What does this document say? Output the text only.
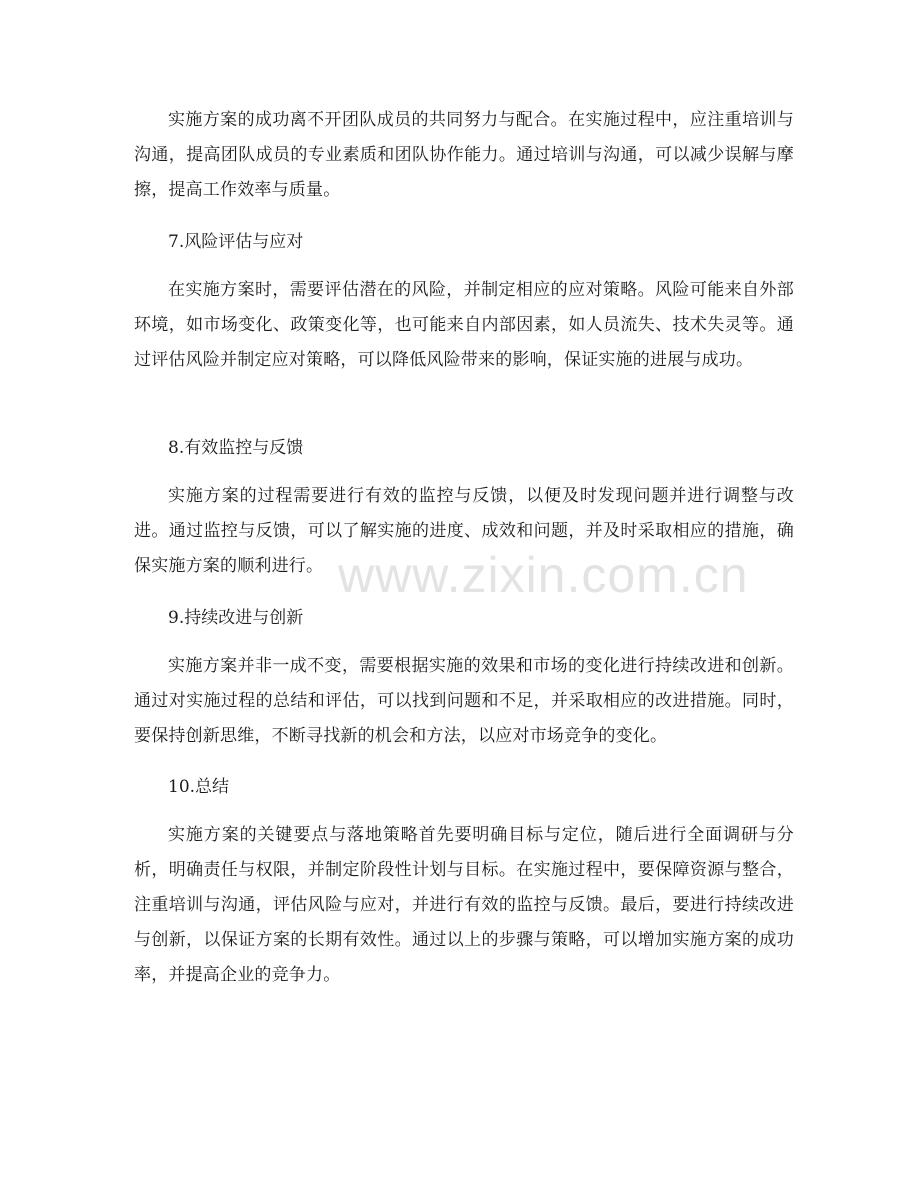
实施方案的成功离不开团队成员的共同努力与配合。在实施过程中，应注重培训与沟通，提高团队成员的专业素质和团队协作能力。通过培训与沟通，可以减少误解与摩擦，提高工作效率与质量。

7.风险评估与应对

在实施方案时，需要评估潜在的风险，并制定相应的应对策略。风险可能来自外部环境，如市场变化、政策变化等，也可能来自内部因素，如人员流失、技术失灵等。通过评估风险并制定应对策略，可以降低风险带来的影响，保证实施的进展与成功。

8.有效监控与反馈

实施方案的过程需要进行有效的监控与反馈，以便及时发现问题并进行调整与改进。通过监控与反馈，可以了解实施的进度、成效和问题，并及时采取相应的措施，确保实施方案的顺利进行。

9.持续改进与创新

实施方案并非一成不变，需要根据实施的效果和市场的变化进行持续改进和创新。通过对实施过程的总结和评估，可以找到问题和不足，并采取相应的改进措施。同时，要保持创新思维，不断寻找新的机会和方法，以应对市场竞争的变化。

10.总结

实施方案的关键要点与落地策略首先要明确目标与定位，随后进行全面调研与分析，明确责任与权限，并制定阶段性计划与目标。在实施过程中，要保障资源与整合，注重培训与沟通，评估风险与应对，并进行有效的监控与反馈。最后，要进行持续改进与创新，以保证方案的长期有效性。通过以上的步骤与策略，可以增加实施方案的成功率，并提高企业的竞争力。

www.zixin.com.cn
